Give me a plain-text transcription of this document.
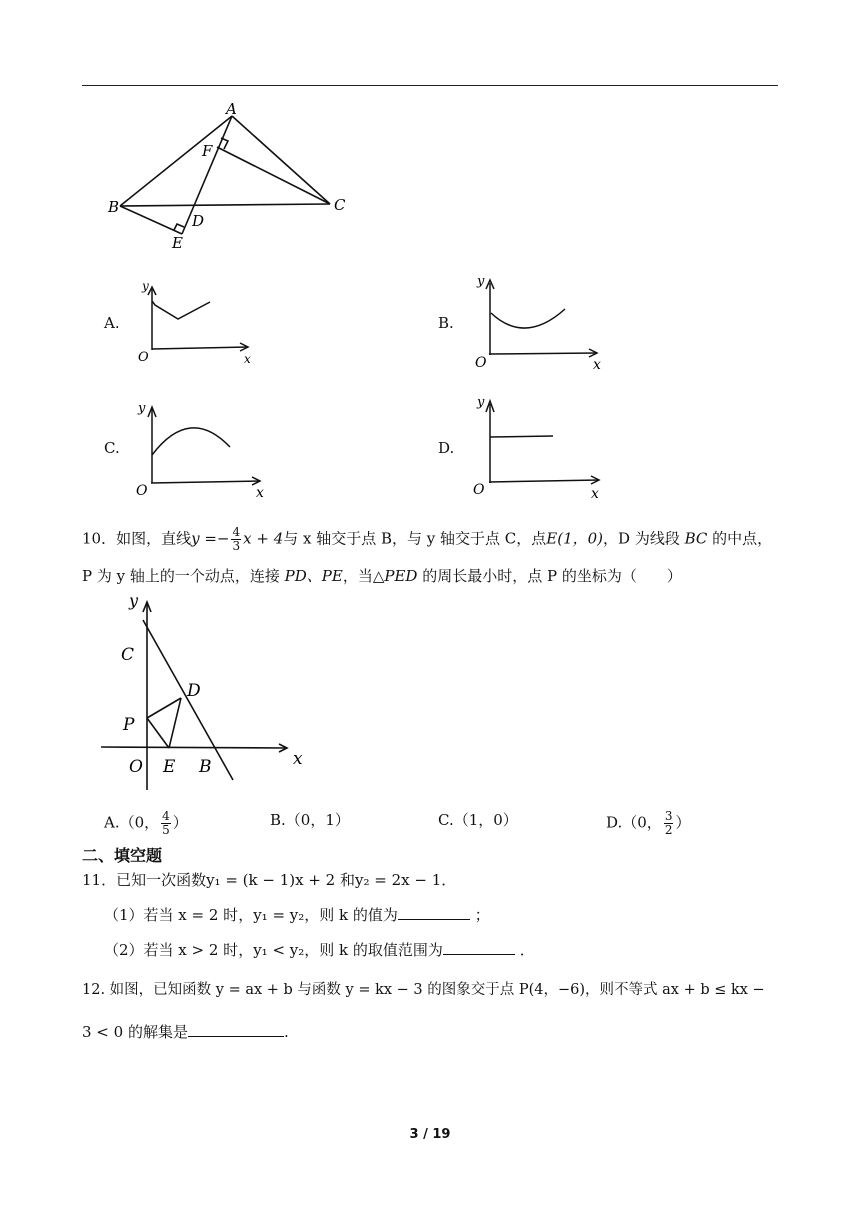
A
F
B
D
C
E
A.
y
O	x
B.
y
O	x
C.
y
O	x
D.
y
O	x
10．如图，直线$y =- \frac{4}{3}$ x + 4与 x 轴交于点 B，与 y 轴交于点 C，点E(1，0)，D 为线段 BC 的中点，
P 为 y 轴上的一个动点，连接 PD、PE，当△PED 的周长最小时，点 P 的坐标为（　　）
y
x
C
D
P
O E B
A.（0， $\frac{4}{5}$ ）	B.（0，1）	C.（1，0）	D.（0， $\frac{3}{2}$ ）
二、填空题
11．已知一次函数y₁ = (k − 1)x + 2 和y₂ = 2x − 1．
（1）若当 x = 2 时，y₁ = y₂，则 k 的值为	；
（2）若当 x > 2 时，y₁ < y₂，则 k 的取值范围为	．
12. 如图，已知函数 y = ax + b 与函数 y = kx − 3 的图象交于点 P(4，−6)，则不等式 ax + b ≤ kx −
3 < 0 的解集是	.
3 / 19
